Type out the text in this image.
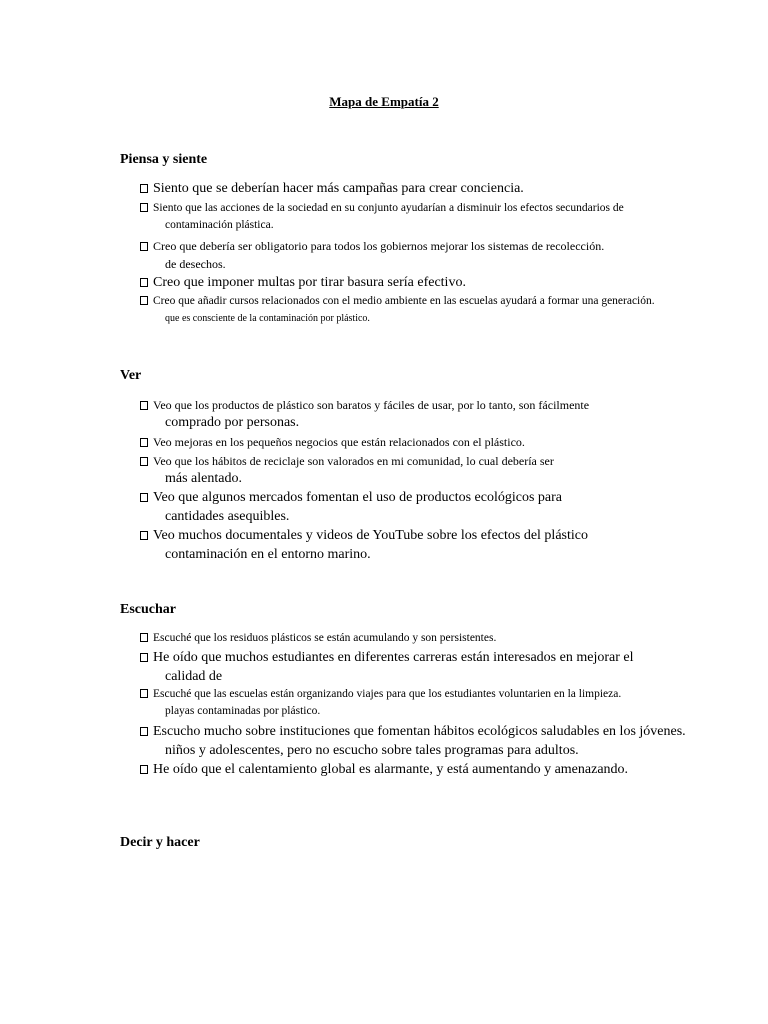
Mapa de Empatía 2
Piensa y siente
Siento que se deberían hacer más campañas para crear conciencia.
Siento que las acciones de la sociedad en su conjunto ayudarían a disminuir los efectos secundarios de
contaminación plástica.
Creo que debería ser obligatorio para todos los gobiernos mejorar los sistemas de recolección.
de desechos.
Creo que imponer multas por tirar basura sería efectivo.
Creo que añadir cursos relacionados con el medio ambiente en las escuelas ayudará a formar una generación.
que es consciente de la contaminación por plástico.
Ver
Veo que los productos de plástico son baratos y fáciles de usar, por lo tanto, son fácilmente
comprado por personas.
Veo mejoras en los pequeños negocios que están relacionados con el plástico.
Veo que los hábitos de reciclaje son valorados en mi comunidad, lo cual debería ser
más alentado.
Veo que algunos mercados fomentan el uso de productos ecológicos para
cantidades asequibles.
Veo muchos documentales y videos de YouTube sobre los efectos del plástico
contaminación en el entorno marino.
Escuchar
Escuché que los residuos plásticos se están acumulando y son persistentes.
He oído que muchos estudiantes en diferentes carreras están interesados en mejorar el
calidad de
Escuché que las escuelas están organizando viajes para que los estudiantes voluntarien en la limpieza.
playas contaminadas por plástico.
Escucho mucho sobre instituciones que fomentan hábitos ecológicos saludables en los jóvenes.
niños y adolescentes, pero no escucho sobre tales programas para adultos.
He oído que el calentamiento global es alarmante, y está aumentando y amenazando.
Decir y hacer
